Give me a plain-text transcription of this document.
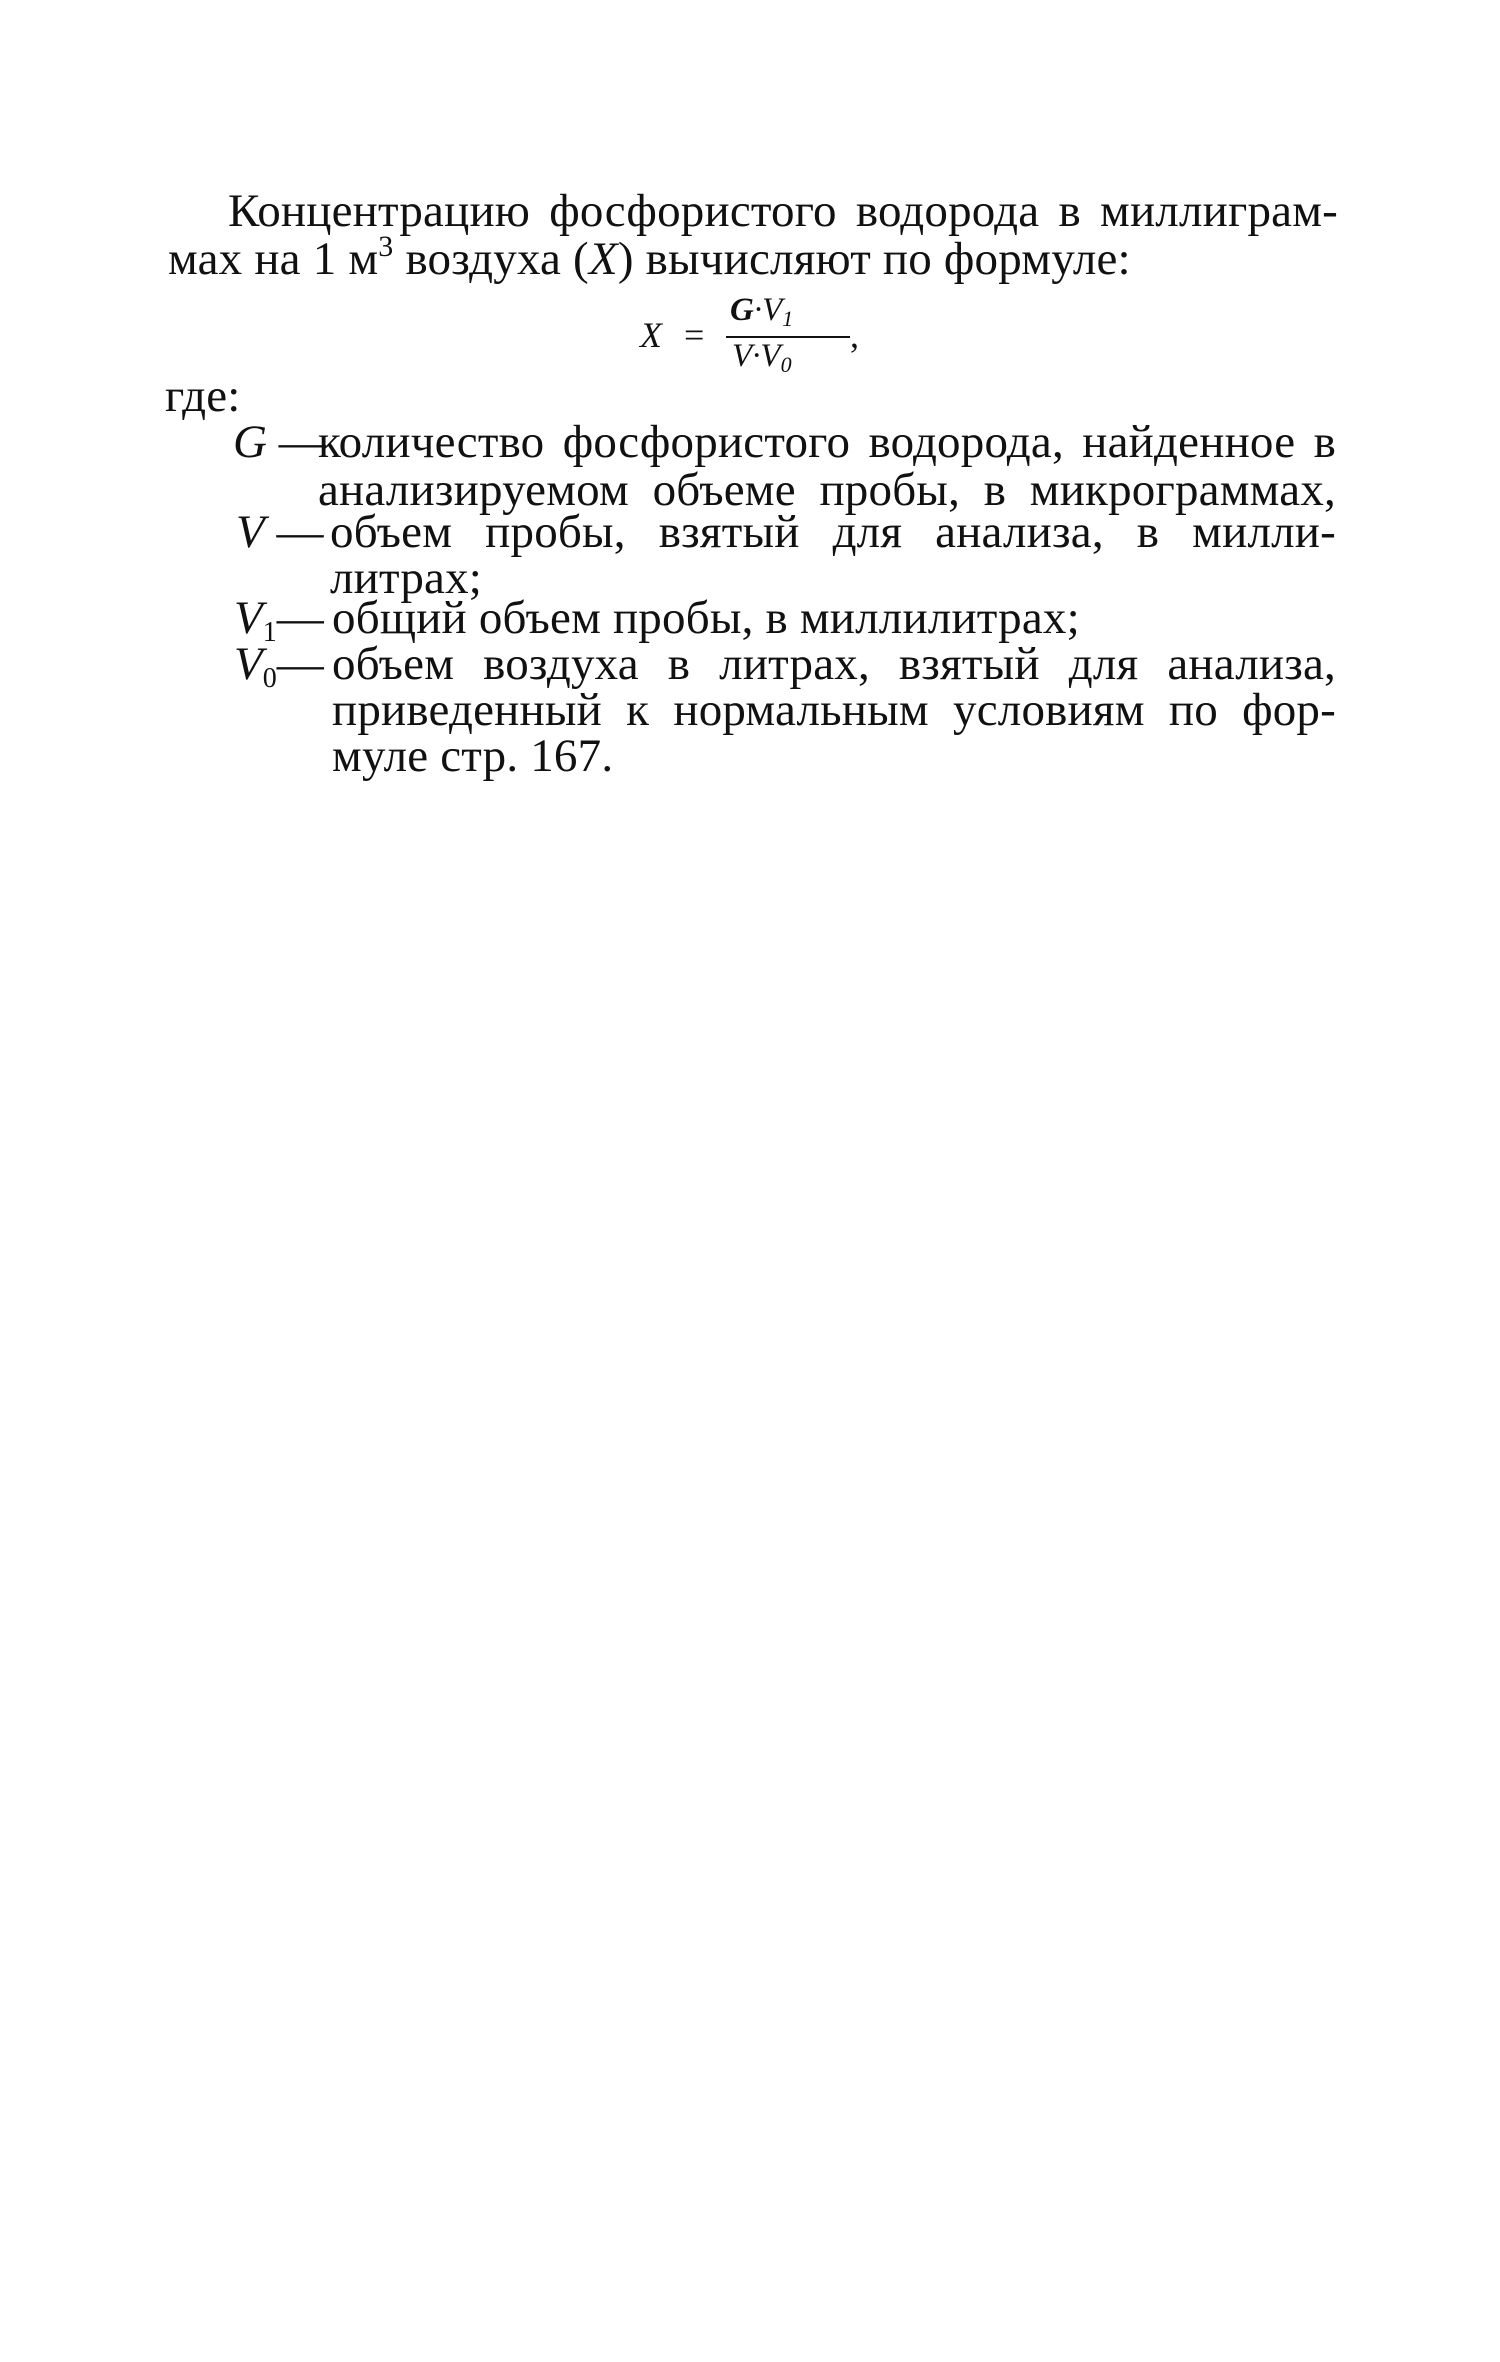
Концентрацию фосфористого водорода в миллиграм-
мах на 1 $м^3$ воздуха (X) вычисляют по формуле:
X =
$G\cdot V_1$
$V\cdot V_0$
,
где:
G —
количество фосфористого водорода, найденное в
анализируемом объеме пробы, в микрограммах,
V — объем пробы, взятый для анализа, в милли-
литрах;
$V_1—$ общий объем пробы, в миллилитрах;
$V_0—$ объем воздуха в литрах, взятый для анализа,
приведенный к нормальным условиям по фор-
муле стр. 167.
